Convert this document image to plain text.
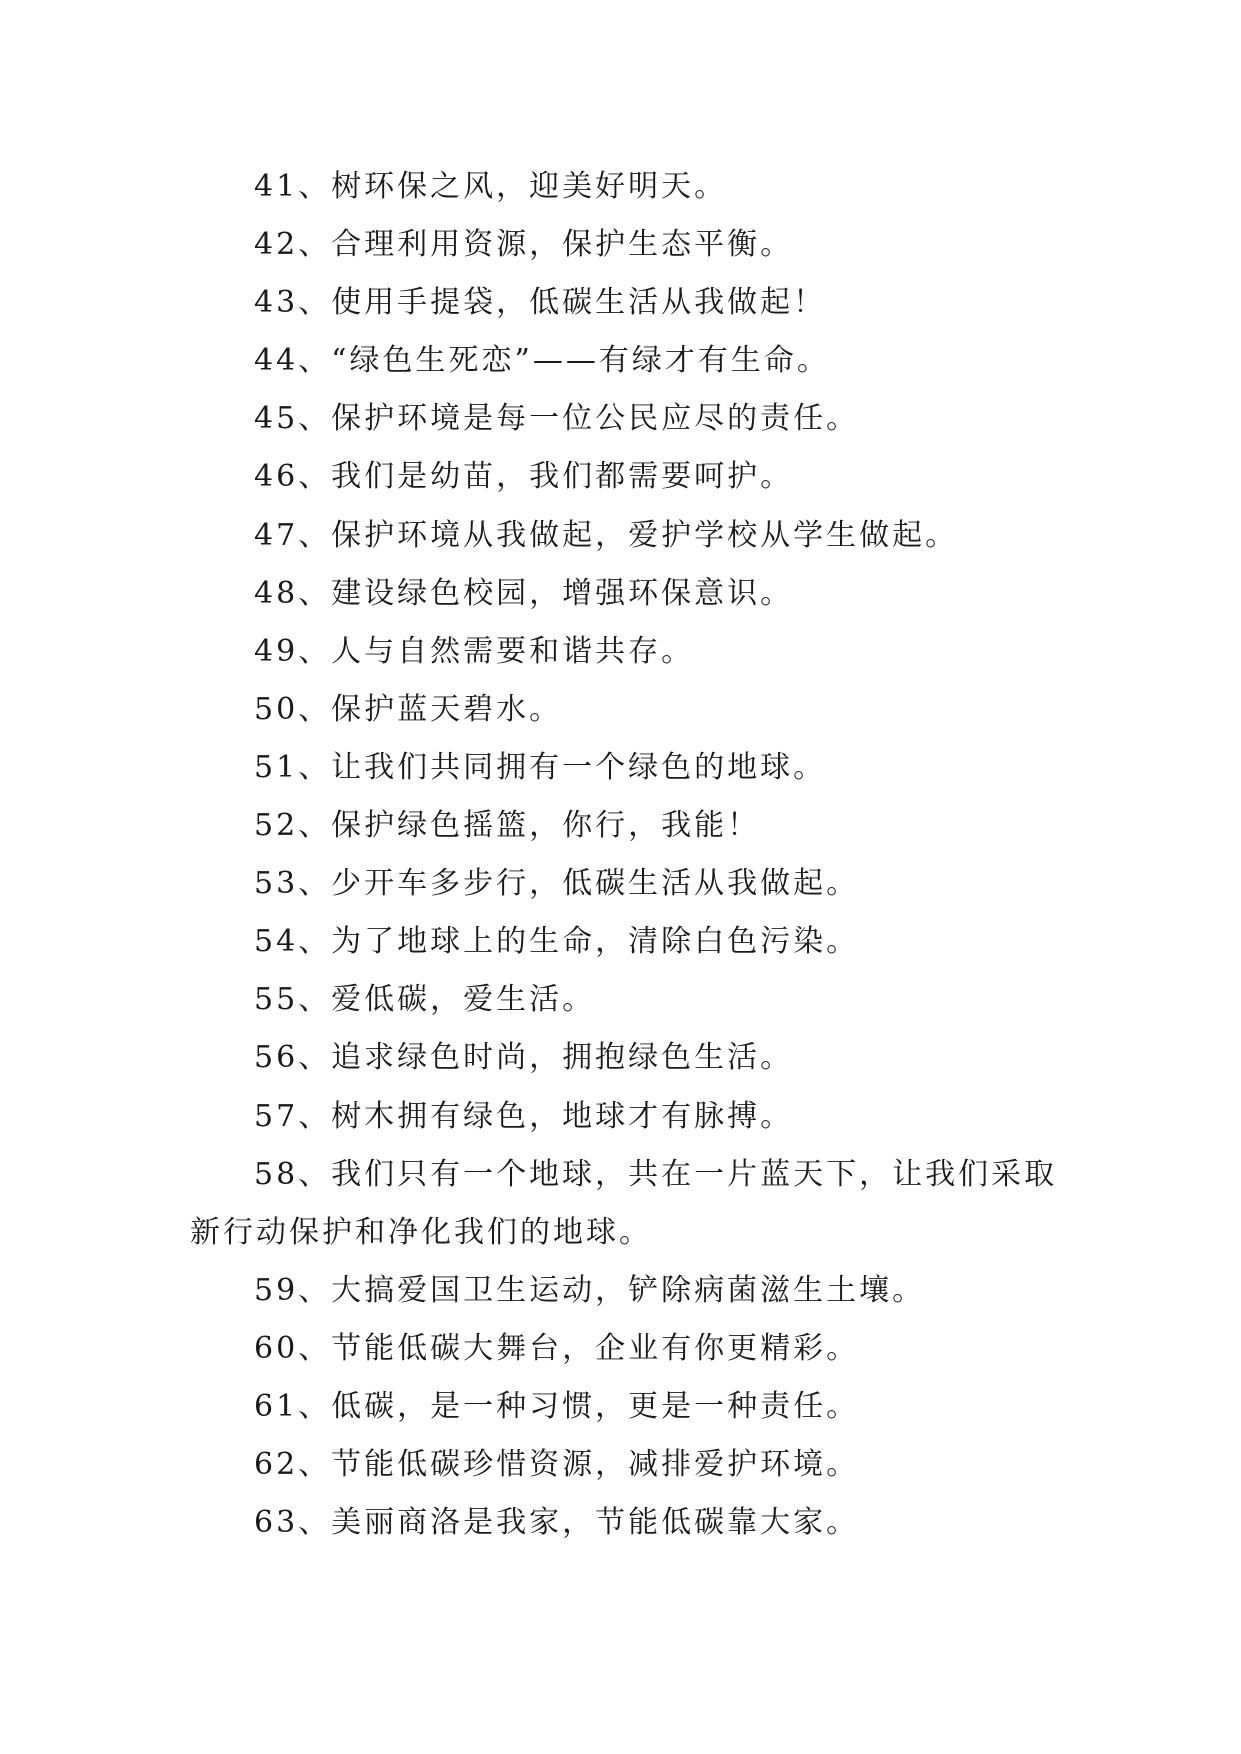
41、树环保之风，迎美好明天。
42、合理利用资源，保护生态平衡。
43、使用手提袋，低碳生活从我做起！
44、“绿色生死恋”——有绿才有生命。
45、保护环境是每一位公民应尽的责任。
46、我们是幼苗，我们都需要呵护。
47、保护环境从我做起，爱护学校从学生做起。
48、建设绿色校园，增强环保意识。
49、人与自然需要和谐共存。
50、保护蓝天碧水。
51、让我们共同拥有一个绿色的地球。
52、保护绿色摇篮，你行，我能！
53、少开车多步行，低碳生活从我做起。
54、为了地球上的生命，清除白色污染。
55、爱低碳，爱生活。
56、追求绿色时尚，拥抱绿色生活。
57、树木拥有绿色，地球才有脉搏。
58、我们只有一个地球，共在一片蓝天下，让我们采取
新行动保护和净化我们的地球。
59、大搞爱国卫生运动，铲除病菌滋生土壤。
60、节能低碳大舞台，企业有你更精彩。
61、低碳，是一种习惯，更是一种责任。
62、节能低碳珍惜资源，减排爱护环境。
63、美丽商洛是我家，节能低碳靠大家。
